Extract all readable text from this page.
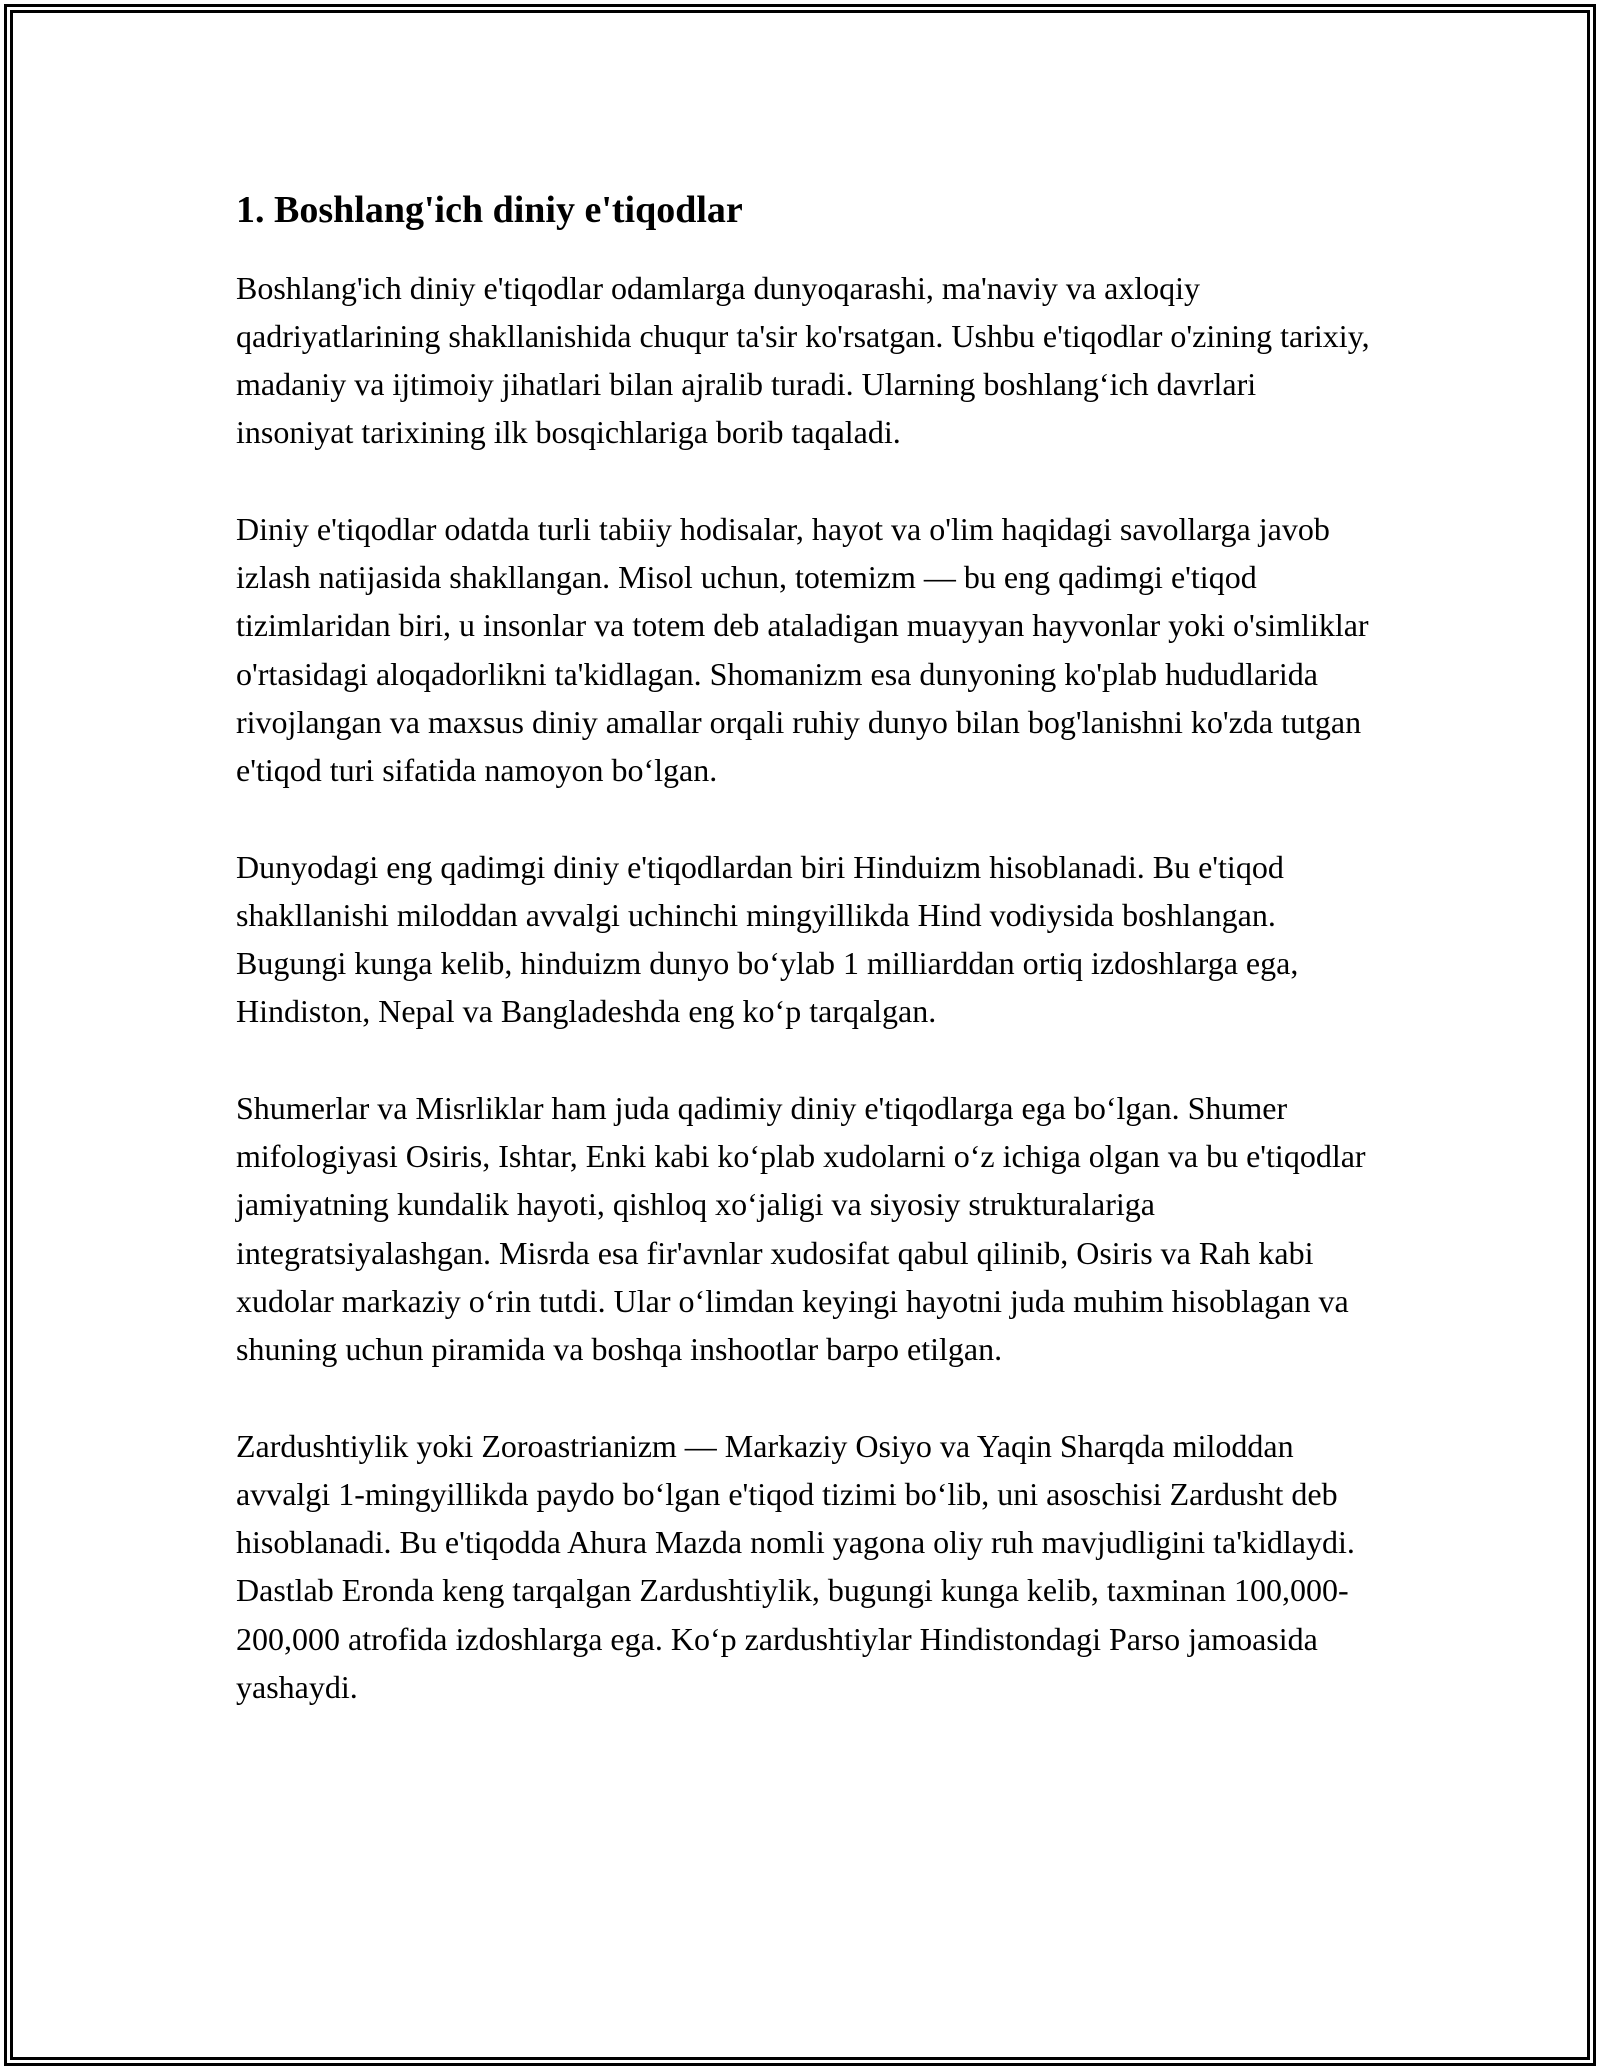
1. Boshlang'ich diniy e'tiqodlar

Boshlang'ich diniy e'tiqodlar odamlarga dunyoqarashi, ma'naviy va axloqiy qadriyatlarining shakllanishida chuqur ta'sir ko'rsatgan. Ushbu e'tiqodlar o'zining tarixiy, madaniy va ijtimoiy jihatlari bilan ajralib turadi. Ularning boshlang‘ich davrlari insoniyat tarixining ilk bosqichlariga borib taqaladi.

Diniy e'tiqodlar odatda turli tabiiy hodisalar, hayot va o'lim haqidagi savollarga javob izlash natijasida shakllangan. Misol uchun, totemizm — bu eng qadimgi e'tiqod tizimlaridan biri, u insonlar va totem deb ataladigan muayyan hayvonlar yoki o'simliklar o'rtasidagi aloqadorlikni ta'kidlagan. Shomanizm esa dunyoning ko'plab hududlarida rivojlangan va maxsus diniy amallar orqali ruhiy dunyo bilan bog'lanishni ko'zda tutgan e'tiqod turi sifatida namoyon bo‘lgan.

Dunyodagi eng qadimgi diniy e'tiqodlardan biri Hinduizm hisoblanadi. Bu e'tiqod shakllanishi miloddan avvalgi uchinchi mingyillikda Hind vodiysida boshlangan. Bugungi kunga kelib, hinduizm dunyo bo‘ylab 1 milliarddan ortiq izdoshlarga ega, Hindiston, Nepal va Bangladeshda eng ko‘p tarqalgan.

Shumerlar va Misrliklar ham juda qadimiy diniy e'tiqodlarga ega bo‘lgan. Shumer mifologiyasi Osiris, Ishtar, Enki kabi ko‘plab xudolarni o‘z ichiga olgan va bu e'tiqodlar jamiyatning kundalik hayoti, qishloq xo‘jaligi va siyosiy strukturalariga integratsiyalashgan. Misrda esa fir'avnlar xudosifat qabul qilinib, Osiris va Rah kabi xudolar markaziy o‘rin tutdi. Ular o‘limdan keyingi hayotni juda muhim hisoblagan va shuning uchun piramida va boshqa inshootlar barpo etilgan.

Zardushtiylik yoki Zoroastrianizm — Markaziy Osiyo va Yaqin Sharqda miloddan avvalgi 1-mingyillikda paydo bo‘lgan e'tiqod tizimi bo‘lib, uni asoschisi Zardusht deb hisoblanadi. Bu e'tiqodda Ahura Mazda nomli yagona oliy ruh mavjudligini ta'kidlaydi. Dastlab Eronda keng tarqalgan Zardushtiylik, bugungi kunga kelib, taxminan 100,000-200,000 atrofida izdoshlarga ega. Ko‘p zardushtiylar Hindistondagi Parso jamoasida yashaydi.
